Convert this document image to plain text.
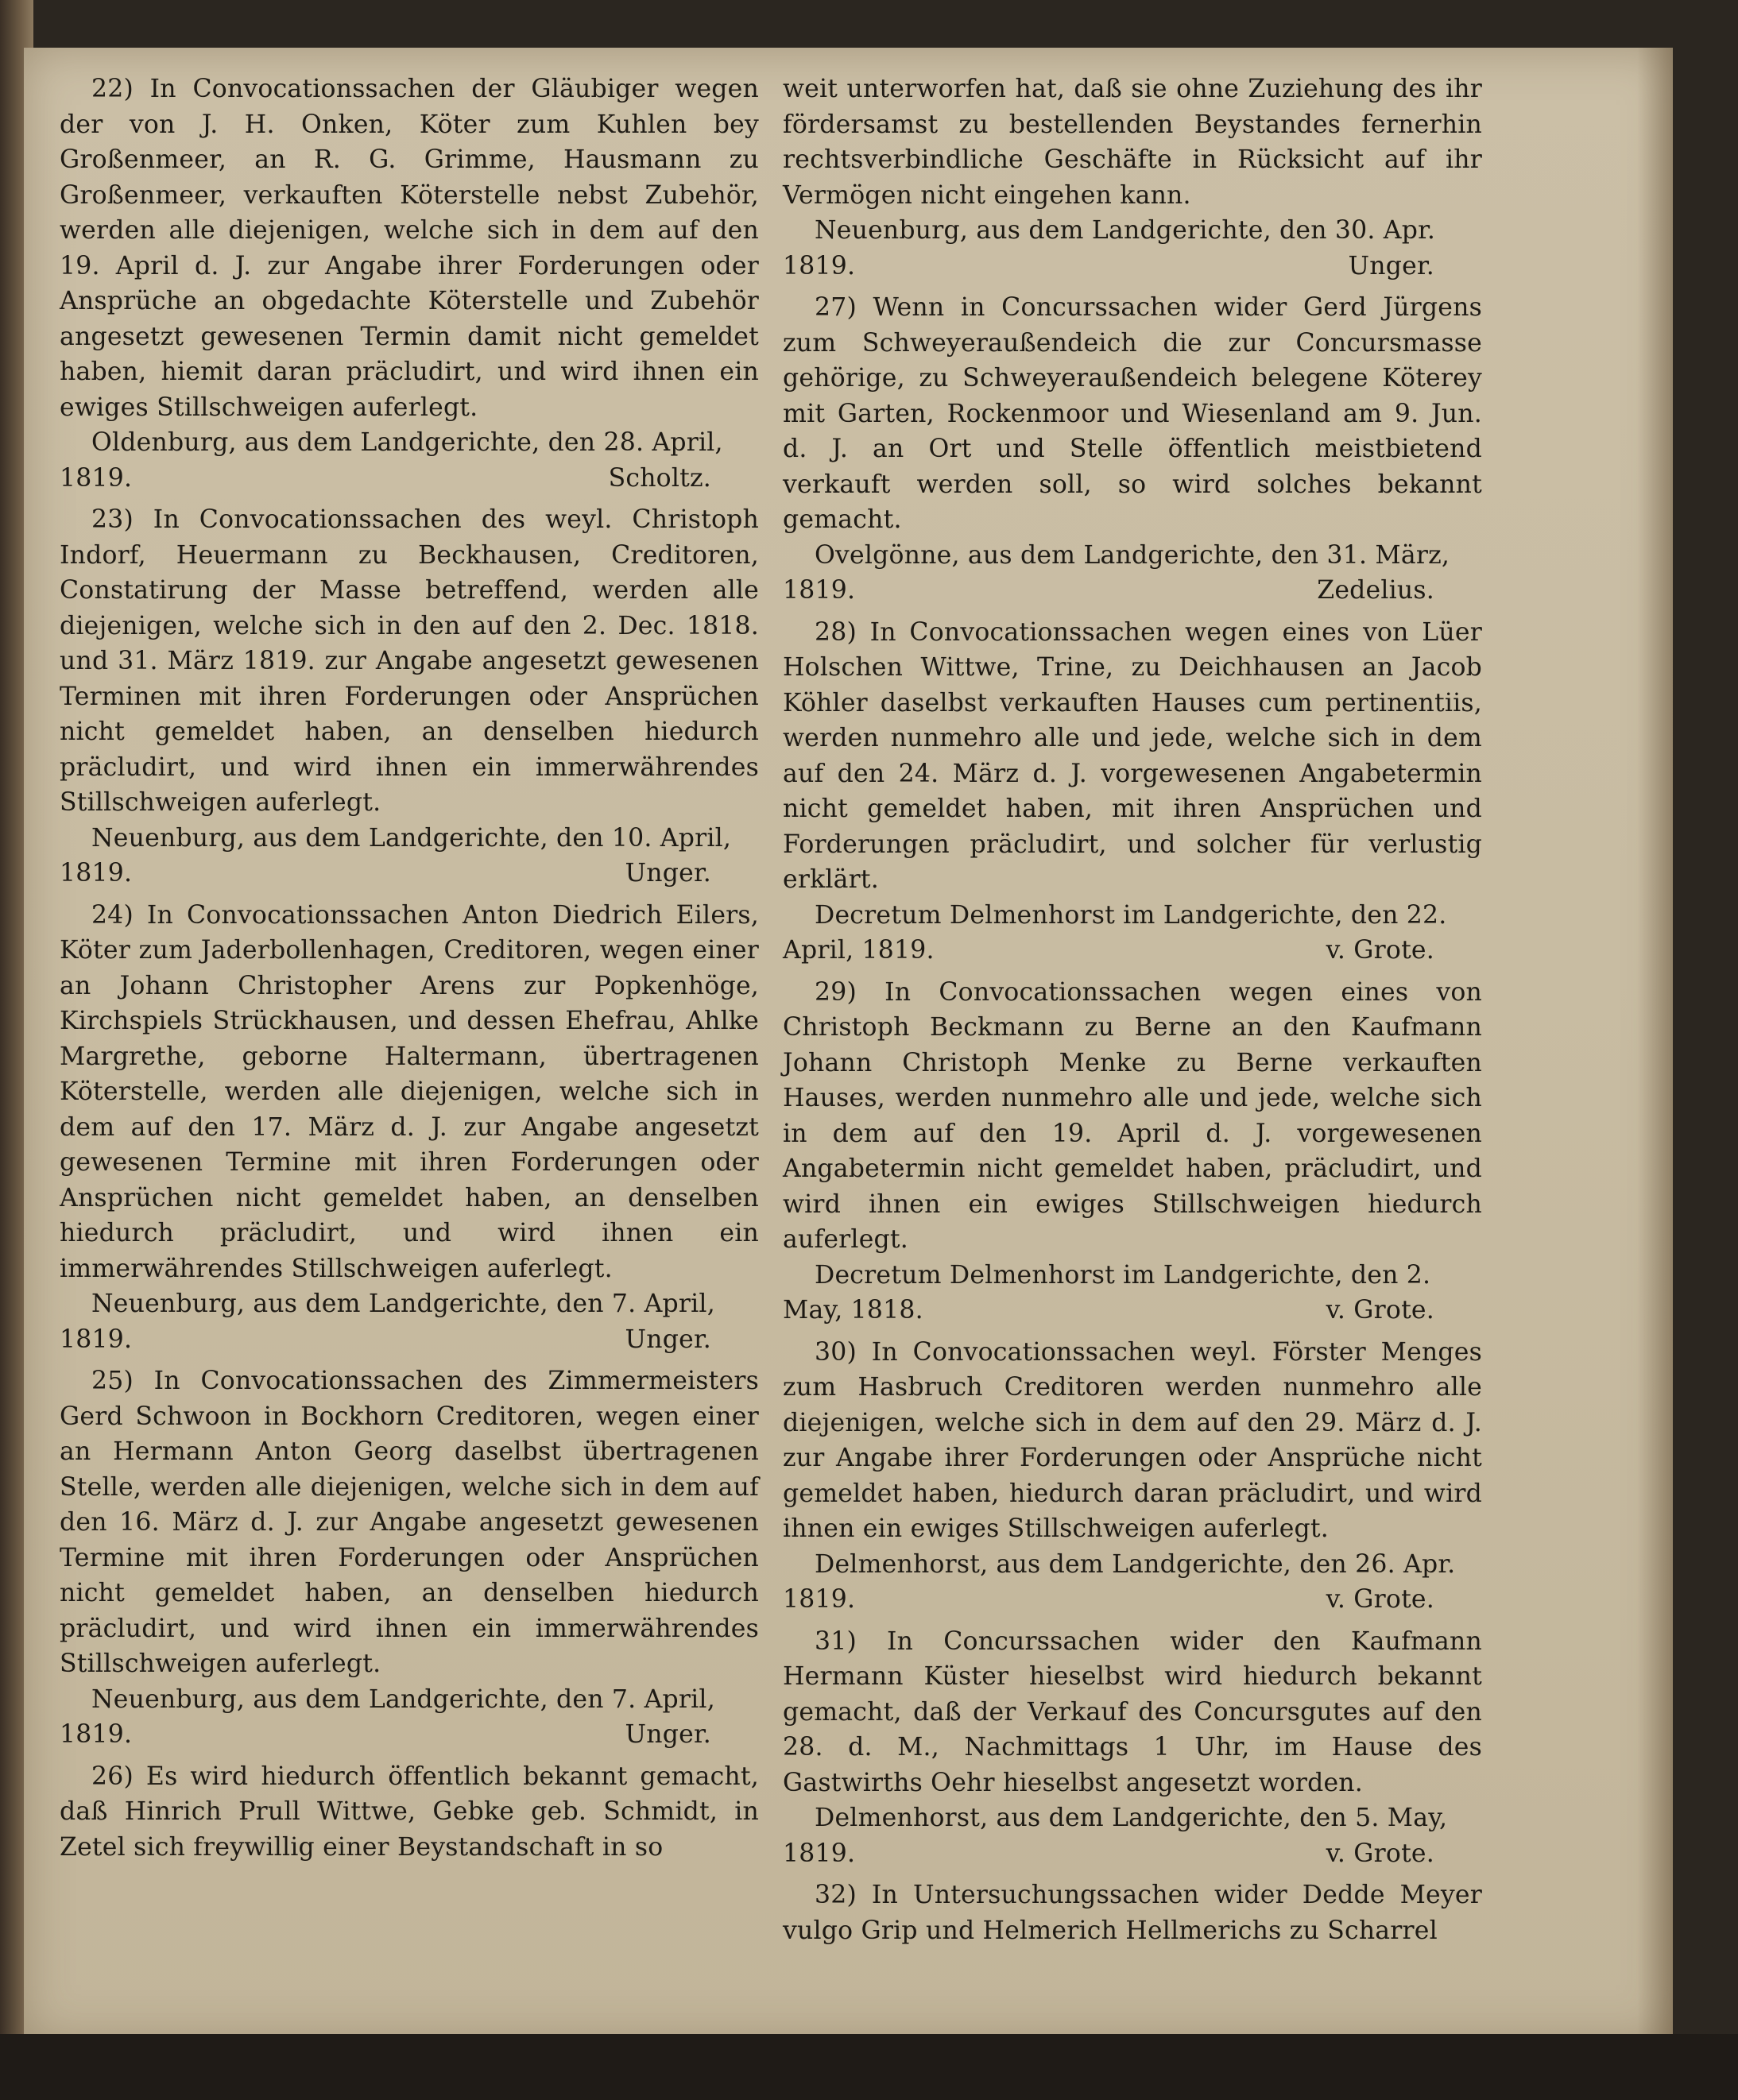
22) In Convocationssachen der Gläubiger wegen der von J. H. Onken, Köter zum Kuhlen bey Großenmeer, an R. G. Grimme, Hausmann zu Großenmeer, verkauften Köterstelle nebst Zubehör, werden alle diejenigen, welche sich in dem auf den 19. April d. J. zur Angabe ihrer Forderungen oder Ansprüche an obgedachte Köterstelle und Zubehör angesetzt gewesenen Termin damit nicht gemeldet haben, hiemit daran präcludirt, und wird ihnen ein ewiges Stillschweigen auferlegt.

Oldenburg, aus dem Landgerichte, den 28. April,

1819.	Scholtz.

23) In Convocationssachen des weyl. Christoph Indorf, Heuermann zu Beckhausen, Creditoren, Constatirung der Masse betreffend, werden alle diejenigen, welche sich in den auf den 2. Dec. 1818. und 31. März 1819. zur Angabe angesetzt gewesenen Terminen mit ihren Forderungen oder Ansprüchen nicht gemeldet haben, an denselben hiedurch präcludirt, und wird ihnen ein immerwährendes Stillschweigen auferlegt.

Neuenburg, aus dem Landgerichte, den 10. April,

1819.	Unger.

24) In Convocationssachen Anton Diedrich Eilers, Köter zum Jaderbollenhagen, Creditoren, wegen einer an Johann Christopher Arens zur Popkenhöge, Kirchspiels Strückhausen, und dessen Ehefrau, Ahlke Margrethe, geborne Haltermann, übertragenen Köterstelle, werden alle diejenigen, welche sich in dem auf den 17. März d. J. zur Angabe angesetzt gewesenen Termine mit ihren Forderungen oder Ansprüchen nicht gemeldet haben, an denselben hiedurch präcludirt, und wird ihnen ein immerwährendes Stillschweigen auferlegt.

Neuenburg, aus dem Landgerichte, den 7. April,

1819.	Unger.

25) In Convocationssachen des Zimmermeisters Gerd Schwoon in Bockhorn Creditoren, wegen einer an Hermann Anton Georg daselbst übertragenen Stelle, werden alle diejenigen, welche sich in dem auf den 16. März d. J. zur Angabe angesetzt gewesenen Termine mit ihren Forderungen oder Ansprüchen nicht gemeldet haben, an denselben hiedurch präcludirt, und wird ihnen ein immerwährendes Stillschweigen auferlegt.

Neuenburg, aus dem Landgerichte, den 7. April,

1819.	Unger.

26) Es wird hiedurch öffentlich bekannt gemacht, daß Hinrich Prull Wittwe, Gebke geb. Schmidt, in Zetel sich freywillig einer Beystandschaft in so

weit unterworfen hat, daß sie ohne Zuziehung des ihr fördersamst zu bestellenden Beystandes fernerhin rechtsverbindliche Geschäfte in Rücksicht auf ihr Vermögen nicht eingehen kann.

Neuenburg, aus dem Landgerichte, den 30. Apr.

1819.	Unger.

27) Wenn in Concurssachen wider Gerd Jürgens zum Schweyeraußendeich die zur Concursmasse gehörige, zu Schweyeraußendeich belegene Köterey mit Garten, Rockenmoor und Wiesenland am 9. Jun. d. J. an Ort und Stelle öffentlich meistbietend verkauft werden soll, so wird solches bekannt gemacht.

Ovelgönne, aus dem Landgerichte, den 31. März,

1819.	Zedelius.

28) In Convocationssachen wegen eines von Lüer Holschen Wittwe, Trine, zu Deichhausen an Jacob Köhler daselbst verkauften Hauses cum pertinentiis, werden nunmehro alle und jede, welche sich in dem auf den 24. März d. J. vorgewesenen Angabetermin nicht gemeldet haben, mit ihren Ansprüchen und Forderungen präcludirt, und solcher für verlustig erklärt.

Decretum Delmenhorst im Landgerichte, den 22.

April, 1819.	v. Grote.

29) In Convocationssachen wegen eines von Christoph Beckmann zu Berne an den Kaufmann Johann Christoph Menke zu Berne verkauften Hauses, werden nunmehro alle und jede, welche sich in dem auf den 19. April d. J. vorgewesenen Angabetermin nicht gemeldet haben, präcludirt, und wird ihnen ein ewiges Stillschweigen hiedurch auferlegt.

Decretum Delmenhorst im Landgerichte, den 2.

May, 1818.	v. Grote.

30) In Convocationssachen weyl. Förster Menges zum Hasbruch Creditoren werden nunmehro alle diejenigen, welche sich in dem auf den 29. März d. J. zur Angabe ihrer Forderungen oder Ansprüche nicht gemeldet haben, hiedurch daran präcludirt, und wird ihnen ein ewiges Stillschweigen auferlegt.

Delmenhorst, aus dem Landgerichte, den 26. Apr.

1819.	v. Grote.

31) In Concurssachen wider den Kaufmann Hermann Küster hieselbst wird hiedurch bekannt gemacht, daß der Verkauf des Concursgutes auf den 28. d. M., Nachmittags 1 Uhr, im Hause des Gastwirths Oehr hieselbst angesetzt worden.

Delmenhorst, aus dem Landgerichte, den 5. May,

1819.	v. Grote.

32) In Untersuchungssachen wider Dedde Meyer vulgo Grip und Helmerich Hellmerichs zu Scharrel
